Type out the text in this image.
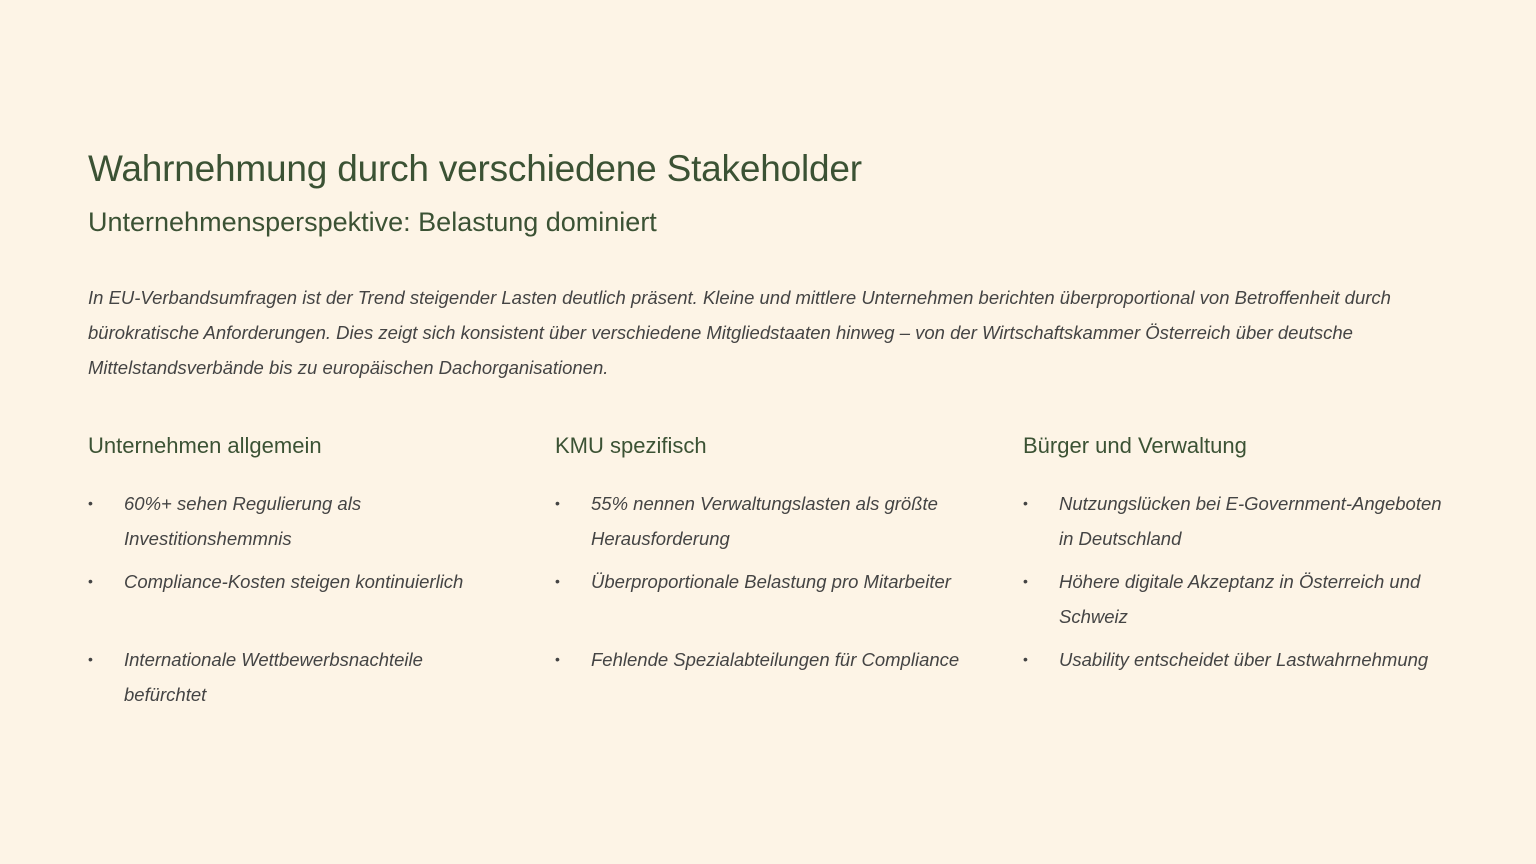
Wahrnehmung durch verschiedene Stakeholder
Unternehmensperspektive: Belastung dominiert

In EU-Verbandsumfragen ist der Trend steigender Lasten deutlich präsent. Kleine und mittlere Unternehmen berichten überproportional von Betroffenheit durch bürokratische Anforderungen. Dies zeigt sich konsistent über verschiedene Mitgliedstaaten hinweg – von der Wirtschaftskammer Österreich über deutsche Mittelstandsverbände bis zu europäischen Dachorganisationen.

Unternehmen allgemein
• 60%+ sehen Regulierung als Investitionshemmnis
• Compliance-Kosten steigen kontinuierlich
• Internationale Wettbewerbsnachteile befürchtet
KMU spezifisch
• 55% nennen Verwaltungslasten als größte Herausforderung
• Überproportionale Belastung pro Mitarbeiter
• Fehlende Spezialabteilungen für Compliance
Bürger und Verwaltung
• Nutzungslücken bei E-Government-Angeboten in Deutschland
• Höhere digitale Akzeptanz in Österreich und Schweiz
• Usability entscheidet über Lastwahrnehmung
